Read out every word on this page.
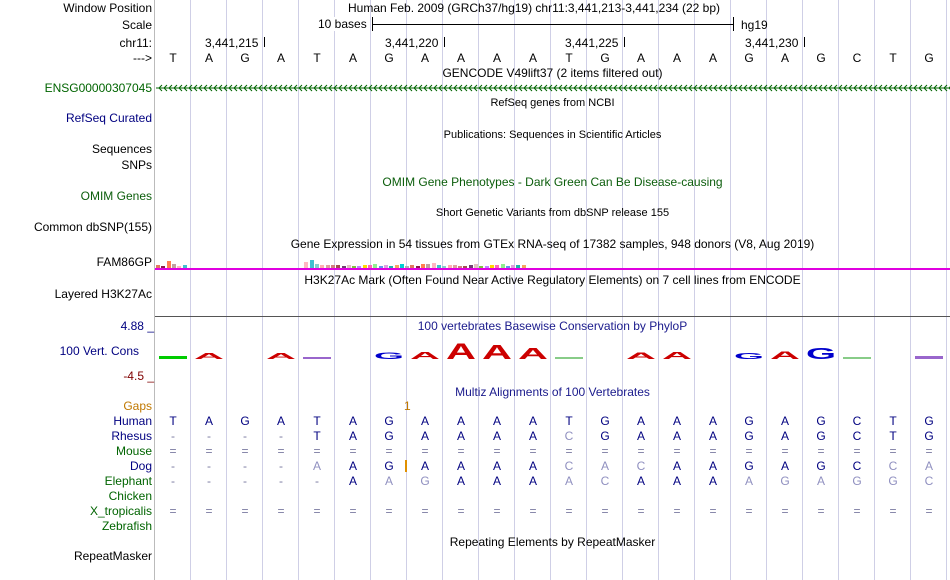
Window Position	Human Feb. 2009 (GRCh37/hg19) chr11:3,441,213-3,441,234 (22 bp)
Scale	10 bases	hg19
chr11:	3,441,215	3,441,220	3,441,225	3,441,230
--->	T	A	G	A	T	A	G	A	A	A	A	T	G	A	A	A	G	A	G	C	T	G
GENCODE V49lift37 (2 items filtered out)
ENSG00000307045
RefSeq genes from NCBI
RefSeq Curated
Publications: Sequences in Scientific Articles
Sequences
SNPs
OMIM Gene Phenotypes - Dark Green Can Be Disease-causing
OMIM Genes
Short Genetic Variants from dbSNP release 155
Common dbSNP(155)
Gene Expression in 54 tissues from GTEx RNA-seq of 17382 samples, 948 donors (V8, Aug 2019)
FAM86GP
H3K27Ac Mark (Often Found Near Active Regulatory Elements) on 7 cell lines from ENCODE
Layered H3K27Ac
100 vertebrates Basewise Conservation by PhyloP
4.88 _
100 Vert. Cons
-4.5 _
A	A	G A A A A	A A	G A G
Multiz Alignments of 100 Vertebrates
Gaps	1
Human	T	A	G	A	T	A	G	A	A	A	A	T	G	A	A	A	G	A	G	C	T	G
Rhesus	-	-	-	-	T	A	G	A	A	A	A	C	G	A	A	A	G	A	G	C	T	G
Mouse	=	=	=	=	=	=	=	=	=	=	=	=	=	=	=	=	=	=	=	=	=	=
Dog	-	-	-	-	A	A	G	A	A	A	A	C	A	C	A	A	G	A	G	C	C	A
Elephant	-	-	-	-	-	A	A	G	A	A	A	A	C	A	A	A	A	G	A	G	G	C
Chicken
X_tropicalis	=	=	=	=	=	=	=	=	=	=	=	=	=	=	=	=	=	=	=	=	=	=
Zebrafish
Repeating Elements by RepeatMasker
RepeatMasker
